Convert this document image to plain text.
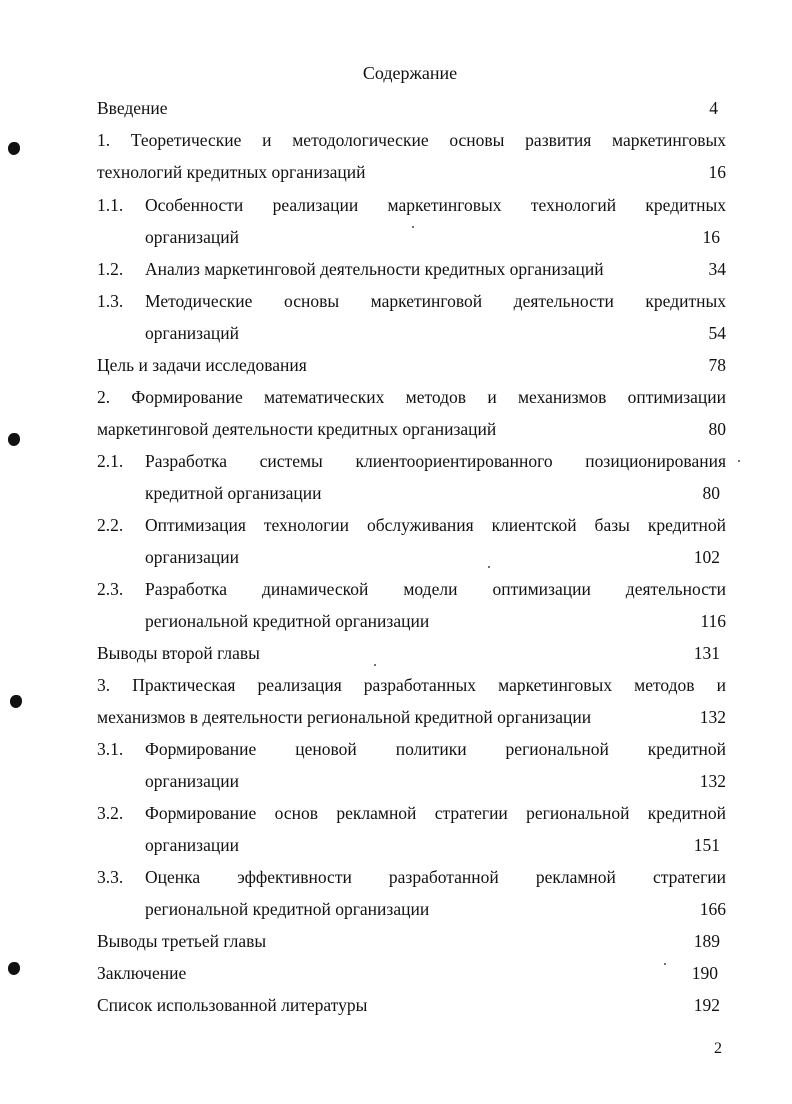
Содержание
Введение	4
1. Теоретические и методологические основы развития маркетинговых
технологий кредитных организаций	16
1.1.	Особенности реализации маркетинговых технологий кредитных
организаций	16
1.2.	Анализ маркетинговой деятельности кредитных организаций	34
1.3.	Методические основы маркетинговой деятельности кредитных
организаций	54
Цель и задачи исследования	78
2. Формирование математических методов и механизмов оптимизации
маркетинговой деятельности кредитных организаций	80
2.1.	Разработка системы клиентоориентированного позиционирования
кредитной организации	80
2.2.	Оптимизация технологии обслуживания клиентской базы кредитной
организации	102
2.3.	Разработка динамической модели оптимизации деятельности
региональной кредитной организации	116
Выводы второй главы	131
3. Практическая реализация разработанных маркетинговых методов и
механизмов в деятельности региональной кредитной организации	132
3.1.	Формирование ценовой политики региональной кредитной
организации	132
3.2.	Формирование основ рекламной стратегии региональной кредитной
организации	151
3.3.	Оценка эффективности разработанной рекламной стратегии
региональной кредитной организации	166
Выводы третьей главы	189
Заключение	190
Список использованной литературы	192
2
